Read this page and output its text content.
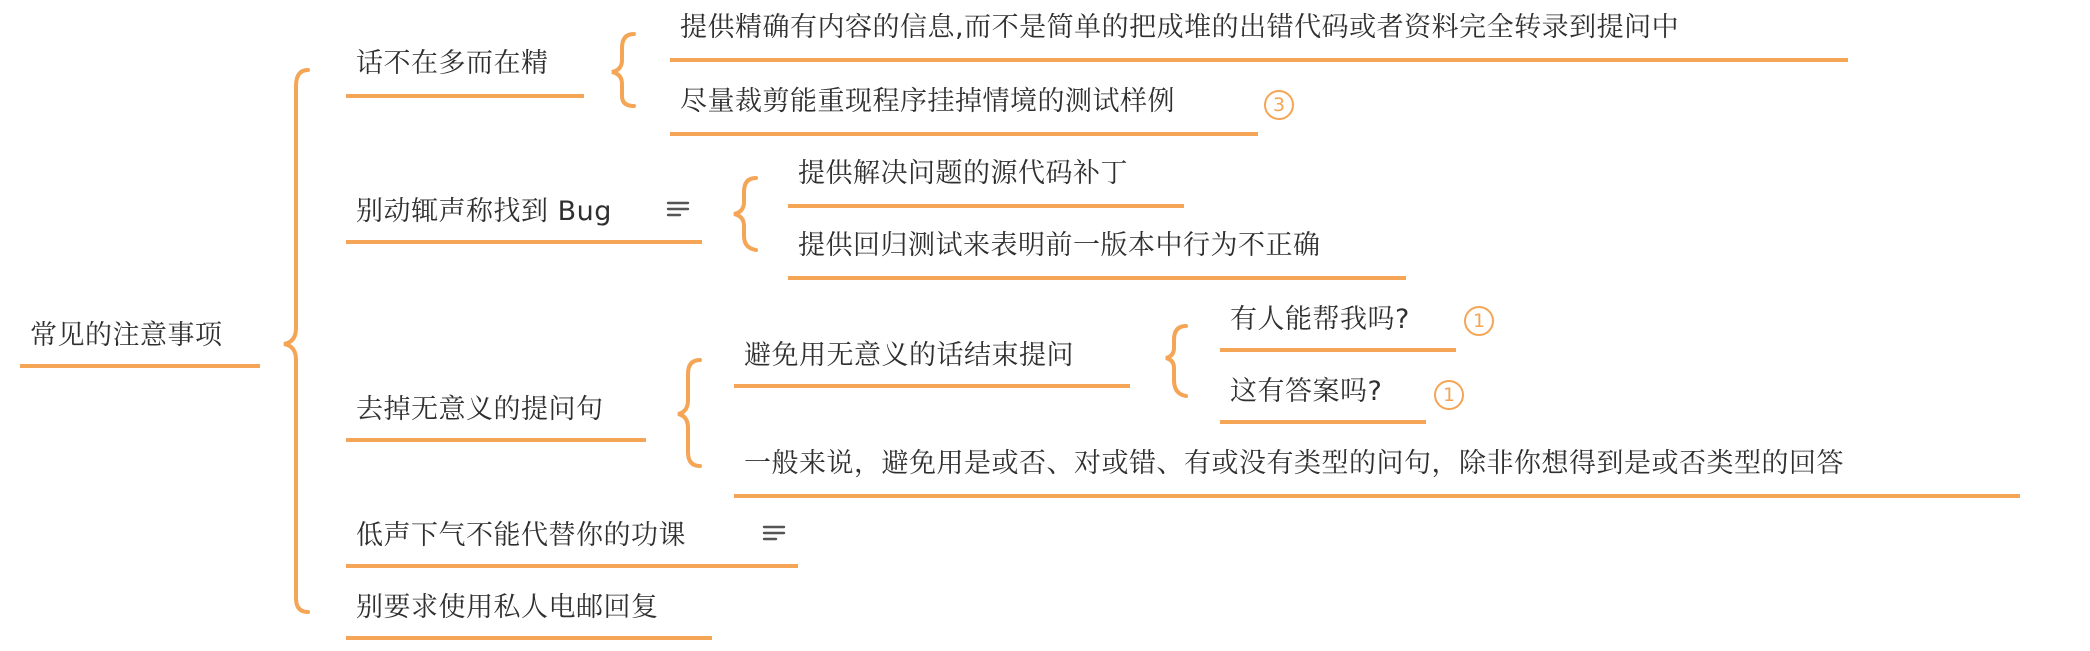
常见的注意事项
话不在多而在精
提供精确有内容的信息,而不是简单的把成堆的出错代码或者资料完全转录到提问中
尽量裁剪能重现程序挂掉情境的测试样例	3
别动辄声称找到 Bug
提供解决问题的源代码补丁
提供回归测试来表明前一版本中行为不正确
去掉无意义的提问句
避免用无意义的话结束提问
有人能帮我吗?	1
这有答案吗?	1
一般来说，避免用是或否、对或错、有或没有类型的问句，除非你想得到是或否类型的回答
低声下气不能代替你的功课
别要求使用私人电邮回复
